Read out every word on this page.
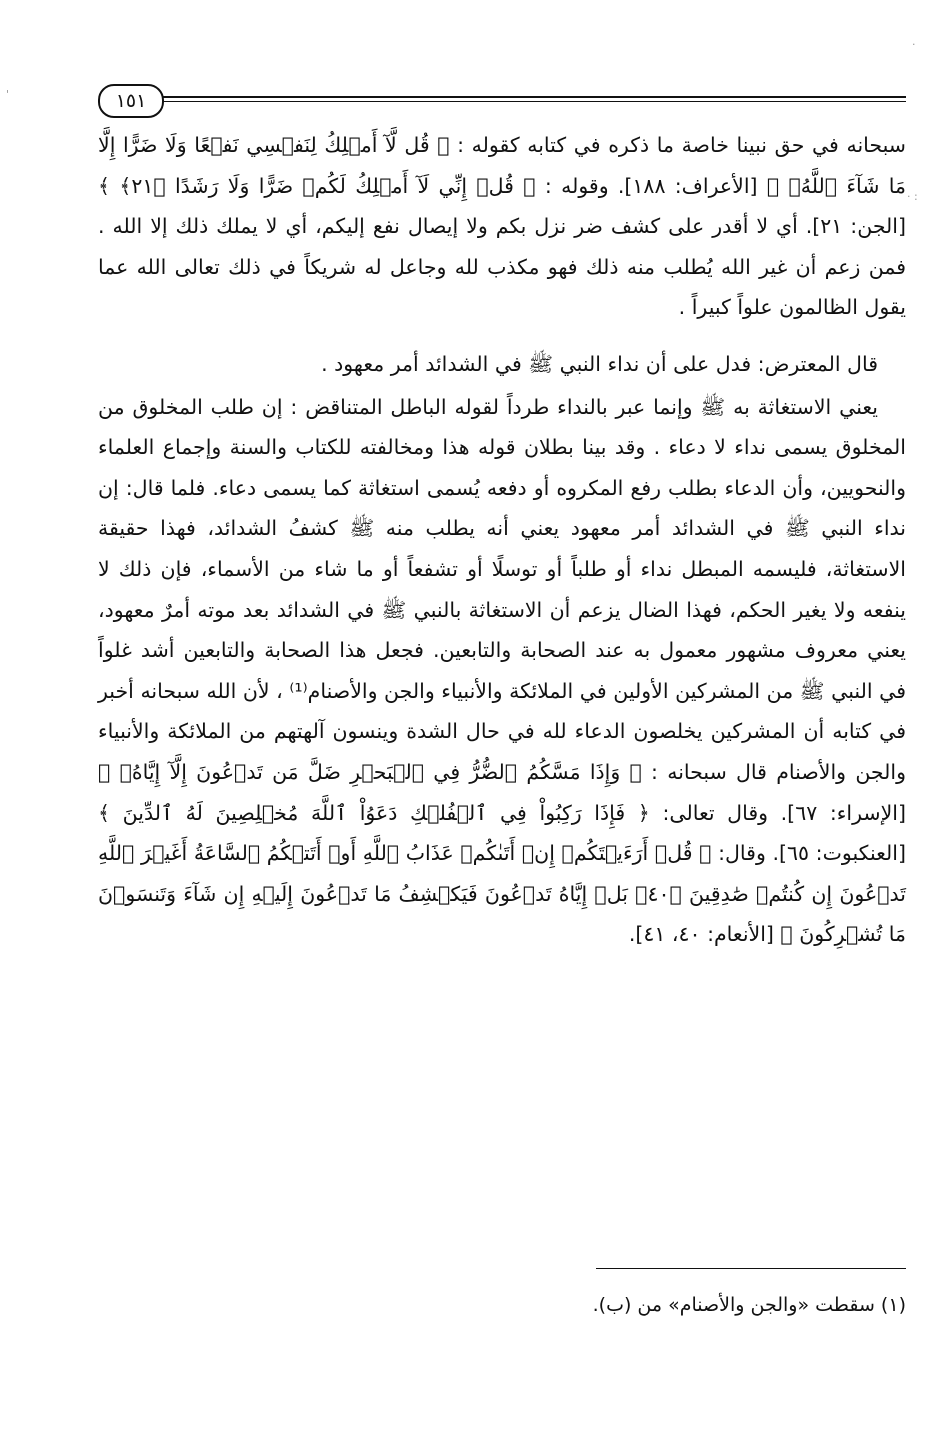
·
: ·
'	١٥١

سبحانه في حق نبينا خاصة ما ذكره في كتابه كقوله : ﴿ قُل لَّآ أَمۡلِكُ لِنَفۡسِي نَفۡعًا وَلَا ضَرًّا إِلَّا مَا شَآءَ ٱللَّهُۚ ﴾ [الأعراف: ١٨٨]. وقوله : ﴿ قُلۡ إِنِّي لَآ أَمۡلِكُ لَكُمۡ ضَرًّا وَلَا رَشَدًا ﴿٢١﴾ ﴾ [الجن: ٢١]. أي لا أقدر على كشف ضر نزل بكم ولا إيصال نفع إليكم، أي لا يملك ذلك إلا الله . فمن زعم أن غير الله يُطلب منه ذلك فهو مكذب لله وجاعل له شريكاً في ذلك تعالى الله عما يقول الظالمون علواً كبيراً .

قال المعترض: فدل على أن نداء النبي ﷺ في الشدائد أمر معهود .

يعني الاستغاثة به ﷺ وإنما عبر بالنداء طرداً لقوله الباطل المتناقض : إن طلب المخلوق من المخلوق يسمى نداء لا دعاء . وقد بينا بطلان قوله هذا ومخالفته للكتاب والسنة وإجماع العلماء والنحويين، وأن الدعاء بطلب رفع المكروه أو دفعه يُسمى استغاثة كما يسمى دعاء. فلما قال: إن نداء النبي ﷺ في الشدائد أمر معهود يعني أنه يطلب منه ﷺ كشفُ الشدائد، فهذا حقيقة الاستغاثة، فليسمه المبطل نداء أو طلباً أو توسلًا أو تشفعاً أو ما شاء من الأسماء، فإن ذلك لا ينفعه ولا يغير الحكم، فهذا الضال يزعم أن الاستغاثة بالنبي ﷺ في الشدائد بعد موته أمرٌ معهود، يعني معروف مشهور معمول به عند الصحابة والتابعين. فجعل هذا الصحابة والتابعين أشد غلواً في النبي ﷺ من المشركين الأولين في الملائكة والأنبياء والجن والأصنام⁽¹⁾ ، لأن الله سبحانه أخبر في كتابه أن المشركين يخلصون الدعاء لله في حال الشدة وينسون آلهتهم من الملائكة والأنبياء والجن والأصنام قال سبحانه : ﴿ وَإِذَا مَسَّكُمُ ٱلضُّرُّ فِي ٱلۡبَحۡرِ ضَلَّ مَن تَدۡعُونَ إِلَّآ إِيَّاهُۖ ﴾ [الإسراء: ٦٧]. وقال تعالى: ﴿ فَإِذَا رَكِبُواْ فِي ٱلۡفُلۡكِ دَعَوُاْ ٱللَّهَ مُخۡلِصِينَ لَهُ ٱلدِّينَ ﴾ [العنكبوت: ٦٥]. وقال: ﴿ قُلۡ أَرَءَيۡتَكُمۡ إِنۡ أَتَىٰكُمۡ عَذَابُ ٱللَّهِ أَوۡ أَتَتۡكُمُ ٱلسَّاعَةُ أَغَيۡرَ ٱللَّهِ تَدۡعُونَ إِن كُنتُمۡ صَٰدِقِينَ ﴿٤٠﴾ بَلۡ إِيَّاهُ تَدۡعُونَ فَيَكۡشِفُ مَا تَدۡعُونَ إِلَيۡهِ إِن شَآءَ وَتَنسَوۡنَ مَا تُشۡرِكُونَ ﴾ [الأنعام: ٤٠، ٤١].

(١) سقطت «والجن والأصنام» من (ب).
